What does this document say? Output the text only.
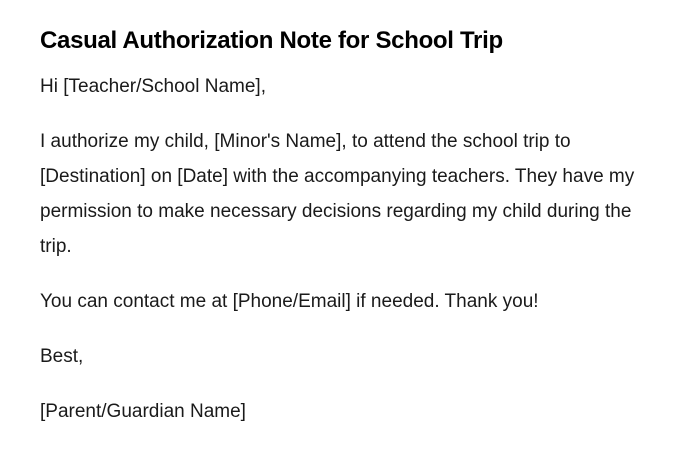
Casual Authorization Note for School Trip

Hi [Teacher/School Name],

I authorize my child, [Minor's Name], to attend the school trip to [Destination] on [Date] with the accompanying teachers. They have my permission to make necessary decisions regarding my child during the trip.

You can contact me at [Phone/Email] if needed. Thank you!

Best,

[Parent/Guardian Name]
